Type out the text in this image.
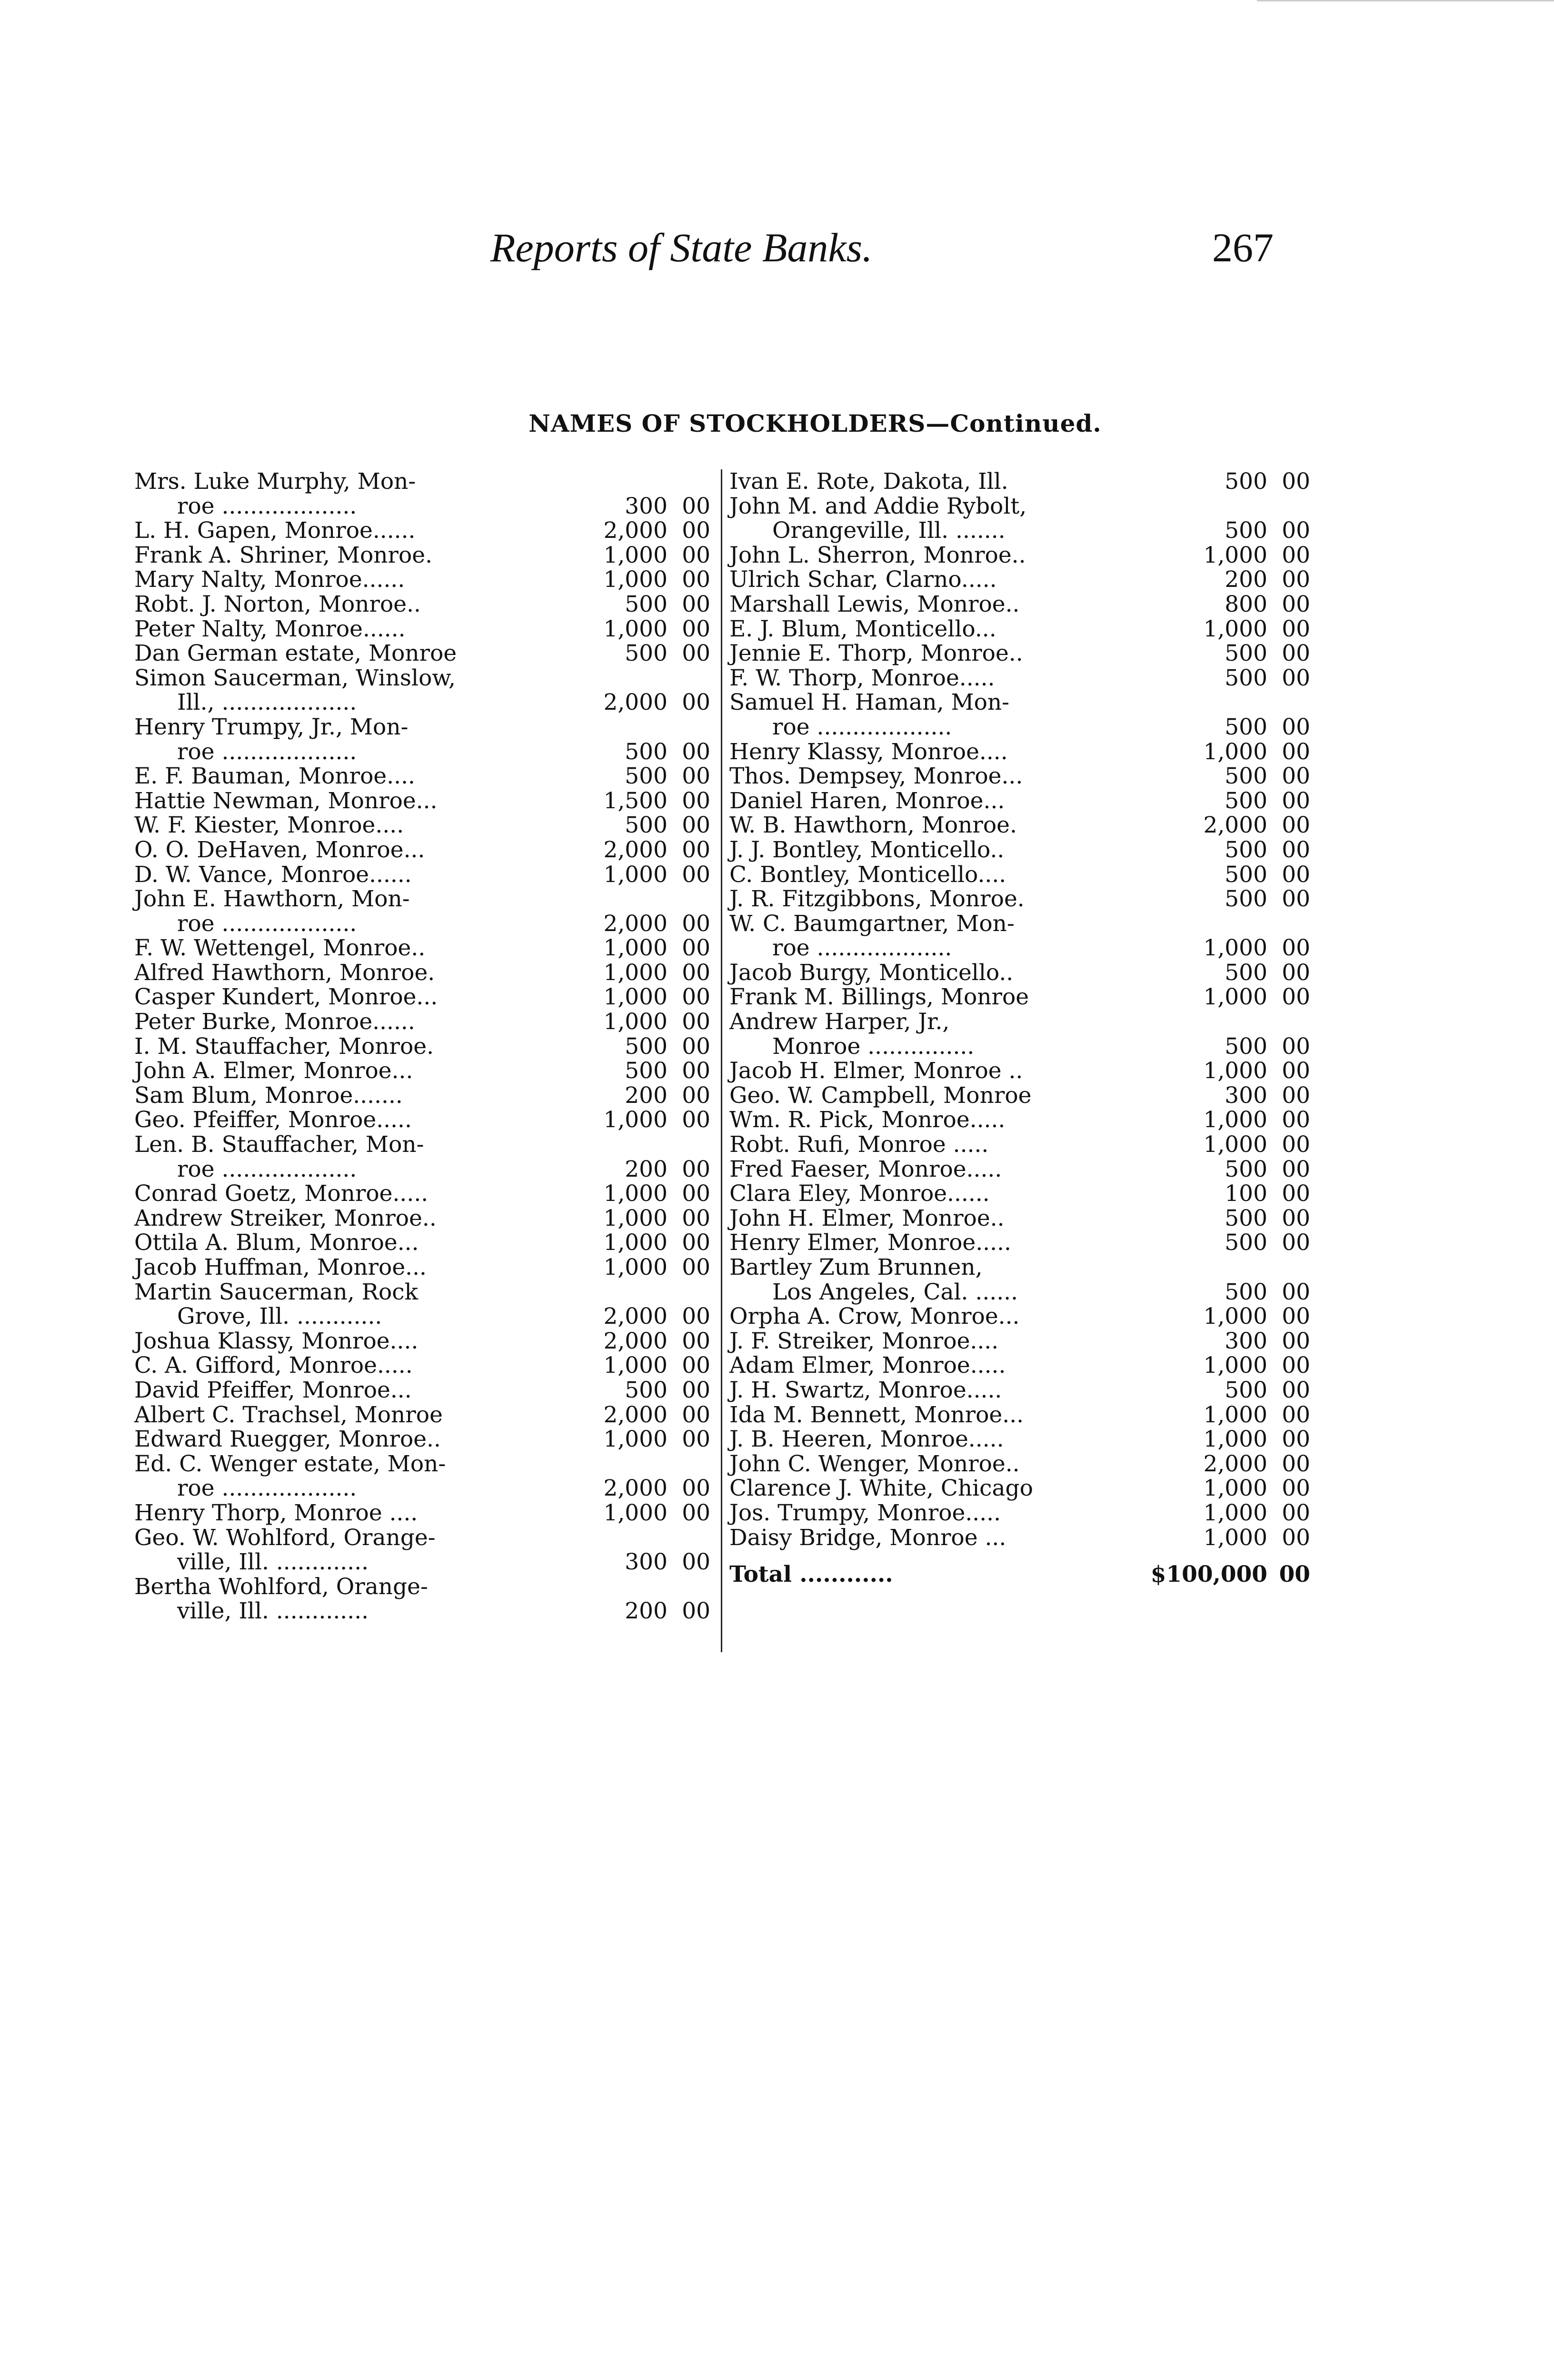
Reports of State Banks.	267
NAMES OF STOCKHOLDERS—Continued.
Mrs. Luke Murphy, Mon-
roe ...................	300 00
L. H. Gapen, Monroe......	2,000 00
Frank A. Shriner, Monroe.	1,000 00
Mary Nalty, Monroe......	1,000 00
Robt. J. Norton, Monroe..	500 00
Peter Nalty, Monroe......	1,000 00
Dan German estate, Monroe	500 00
Simon Saucerman, Winslow,
Ill., ...................	2,000 00
Henry Trumpy, Jr., Mon-
roe ...................	500 00
E. F. Bauman, Monroe....	500 00
Hattie Newman, Monroe...	1,500 00
W. F. Kiester, Monroe....	500 00
O. O. DeHaven, Monroe...	2,000 00
D. W. Vance, Monroe......	1,000 00
John E. Hawthorn, Mon-
roe ...................	2,000 00
F. W. Wettengel, Monroe..	1,000 00
Alfred Hawthorn, Monroe.	1,000 00
Casper Kundert, Monroe...	1,000 00
Peter Burke, Monroe......	1,000 00
I. M. Stauffacher, Monroe.	500 00
John A. Elmer, Monroe...	500 00
Sam Blum, Monroe.......	200 00
Geo. Pfeiffer, Monroe.....	1,000 00
Len. B. Stauffacher, Mon-
roe ...................	200 00
Conrad Goetz, Monroe.....	1,000 00
Andrew Streiker, Monroe..	1,000 00
Ottila A. Blum, Monroe...	1,000 00
Jacob Huffman, Monroe...	1,000 00
Martin Saucerman, Rock
Grove, Ill. ............	2,000 00
Joshua Klassy, Monroe....	2,000 00
C. A. Gifford, Monroe.....	1,000 00
David Pfeiffer, Monroe...	500 00
Albert C. Trachsel, Monroe	2,000 00
Edward Ruegger, Monroe..	1,000 00
Ed. C. Wenger estate, Mon-
roe ...................	2,000 00
Henry Thorp, Monroe ....	1,000 00
Geo. W. Wohlford, Orange-
ville, Ill. .............	300 00
Bertha Wohlford, Orange-
ville, Ill. .............	200 00
Ivan E. Rote, Dakota, Ill.	500 00
John M. and Addie Rybolt,
Orangeville, Ill. .......	500 00
John L. Sherron, Monroe..	1,000 00
Ulrich Schar, Clarno.....	200 00
Marshall Lewis, Monroe..	800 00
E. J. Blum, Monticello...	1,000 00
Jennie E. Thorp, Monroe..	500 00
F. W. Thorp, Monroe.....	500 00
Samuel H. Haman, Mon-
roe ...................	500 00
Henry Klassy, Monroe....	1,000 00
Thos. Dempsey, Monroe...	500 00
Daniel Haren, Monroe...	500 00
W. B. Hawthorn, Monroe.	2,000 00
J. J. Bontley, Monticello..	500 00
C. Bontley, Monticello....	500 00
J. R. Fitzgibbons, Monroe.	500 00
W. C. Baumgartner, Mon-
roe ...................	1,000 00
Jacob Burgy, Monticello..	500 00
Frank M. Billings, Monroe	1,000 00
Andrew Harper, Jr.,
Monroe ...............	500 00
Jacob H. Elmer, Monroe ..	1,000 00
Geo. W. Campbell, Monroe	300 00
Wm. R. Pick, Monroe.....	1,000 00
Robt. Rufi, Monroe .....	1,000 00
Fred Faeser, Monroe.....	500 00
Clara Eley, Monroe......	100 00
John H. Elmer, Monroe..	500 00
Henry Elmer, Monroe.....	500 00
Bartley Zum Brunnen,
Los Angeles, Cal. ......	500 00
Orpha A. Crow, Monroe...	1,000 00
J. F. Streiker, Monroe....	300 00
Adam Elmer, Monroe.....	1,000 00
J. H. Swartz, Monroe.....	500 00
Ida M. Bennett, Monroe...	1,000 00
J. B. Heeren, Monroe.....	1,000 00
John C. Wenger, Monroe..	2,000 00
Clarence J. White, Chicago	1,000 00
Jos. Trumpy, Monroe.....	1,000 00
Daisy Bridge, Monroe ...	1,000 00
Total ............	$100,000 00
